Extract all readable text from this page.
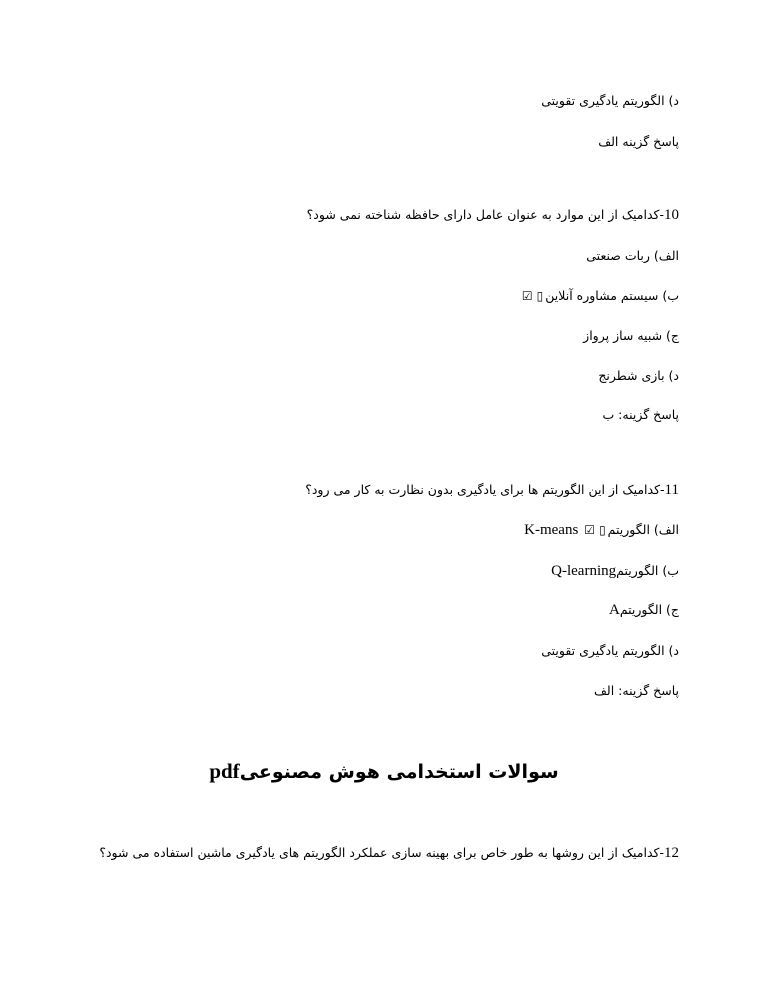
د) الگوریتم یادگیری تقویتی
پاسخ گزینه الف
10-کدامیک از این موارد به عنوان عامل دارای حافظه شناخته نمی شود؟
الف) ربات صنعتی
ب) سیستم مشاوره آنلاین▯☑
ج) شبیه ساز پرواز
د) بازی شطرنج
پاسخ گزینه: ب
11-کدامیک از این الگوریتم ها برای یادگیری بدون نظارت به کار می رود؟
الف) الگوریتم▯☑ K-means
ب) الگوریتمQ-learning
ج) الگوریتمA
د) الگوریتم یادگیری تقویتی
پاسخ گزینه: الف
سوالات استخدامی هوش مصنوعیpdf
12-کدامیک از این روشها به طور خاص برای بهینه سازی عملکرد الگوریتم های یادگیری ماشین استفاده می شود؟
